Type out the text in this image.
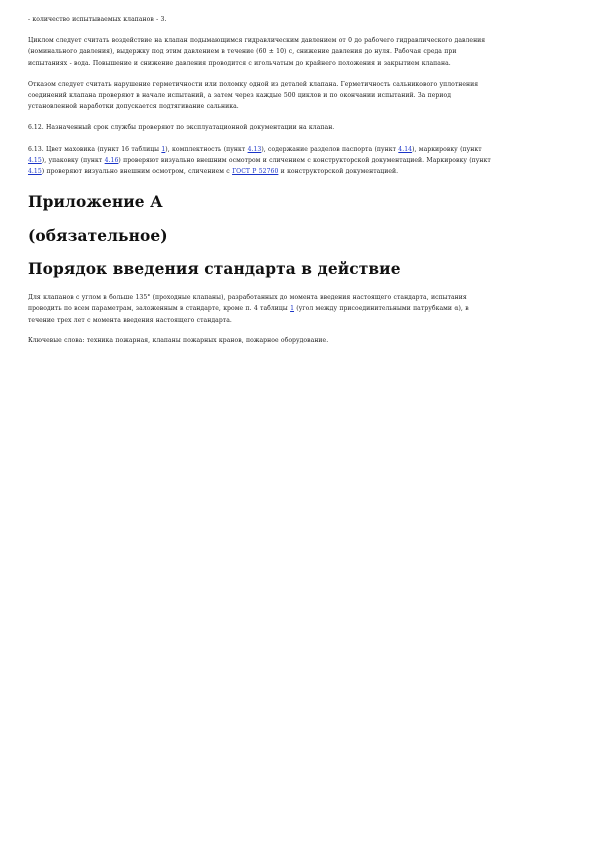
- количество испытываемых клапанов - 3.

Циклом следует считать воздействие на клапан подымающимся гидравлическим давлением от 0 до рабочего гидравлического давления

(номинального давления), выдержку под этим давлением в течение (60 ± 10) с, снижение давления до нуля. Рабочая среда при

испытаниях - вода. Повышение и снижение давления проводится с игольчатым до крайнего положения и закрытием клапана.

Отказом следует считать нарушение герметичности или поломку одной из деталей клапана. Герметичность сальникового уплотнения

соединений клапана проверяют в начале испытаний, а затем через каждые 500 циклов и по окончании испытаний. За период

установленной наработки допускается подтягивание сальника.

6.12. Назначенный срок службы проверяют по эксплуатационной документации на клапан.

6.13. Цвет маховика (пункт 16 таблицы 1), комплектность (пункт 4.13), содержание разделов паспорта (пункт 4.14), маркировку (пункт

4.15), упаковку (пункт 4.16) проверяют визуально внешним осмотром и сличением с конструкторской документацией. Маркировку (пункт

4.15) проверяют визуально внешним осмотром, сличением с ГОСТ Р 52760 и конструкторской документацией.

Приложение А
(обязательное)
Порядок введения стандарта в действие

Для клапанов с углом в больше 135° (проходные клапаны), разработанных до момента введения настоящего стандарта, испытания

проводить по всем параметрам, заложенным в стандарте, кроме п. 4 таблицы 1 (угол между присоединительными патрубками α), в

течение трех лет с момента введения настоящего стандарта.

Ключевые слова: техника пожарная, клапаны пожарных кранов, пожарное оборудование.
